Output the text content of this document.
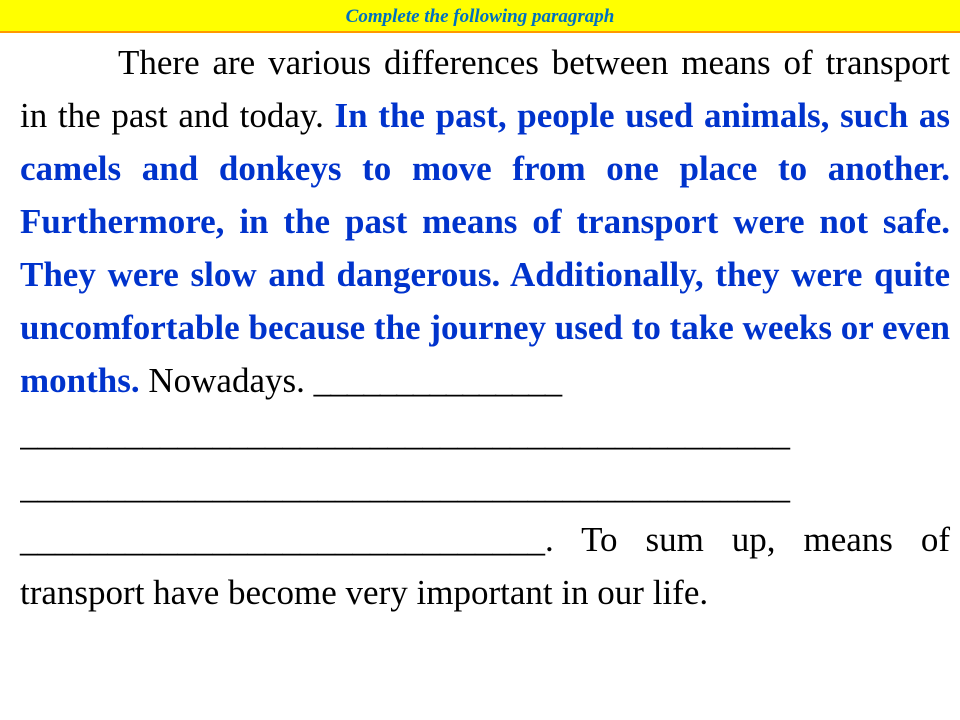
Complete the following paragraph

There are various differences between means of transport in the past and today. In the past, people used animals, such as camels and donkeys to move from one place to another. Furthermore, in the past means of transport were not safe. They were slow and dangerous. Additionally, they were quite uncomfortable because the journey used to take weeks or even months. Nowadays. _______________
____________________________________________
____________________________________________
______________________________. To sum up, means of transport have become very important in our life.
